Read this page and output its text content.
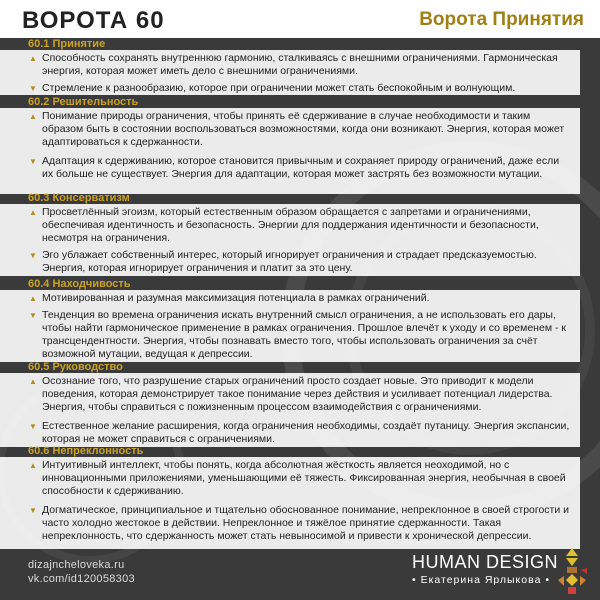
ВОРОТА 60	Ворота Принятия
60.1 Принятие
▲ Способность сохранять внутреннюю гармонию, сталкиваясь с внешними ограничениями. Гармоническая энергия, которая может иметь дело с внешними ограничениями.
▼ Стремление к разнообразию, которое при ограничении может стать беспокойным и волнующим.
60.2 Решительность
▲ Понимание природы ограничения, чтобы принять её сдерживание в случае необходимости и таким образом быть в состоянии воспользоваться возможностями, когда они возникают. Энергия, которая может адаптироваться к сдержанности.
▼ Адаптация к сдерживанию, которое становится привычным и сохраняет природу ограничений, даже если их больше не существует. Энергия для адаптации, которая может застрять без возможности мутации.
60.3 Консерватизм
▲ Просветлённый эгоизм, который естественным образом обращается с запретами и ограничениями, обеспечивая идентичность и безопасность. Энергии для поддержания идентичности и безопасности, несмотря на ограничения.
▼ Эго ублажает собственный интерес, который игнорирует ограничения и страдает предсказуемостью. Энергия, которая игнорирует ограничения и платит за это цену.
60.4 Находчивость
▲ Мотивированная и разумная максимизация потенциала в рамках ограничений.
▼ Тенденция во времена ограничения искать внутренний смысл ограничения, а не использовать его дары, чтобы найти гармоническое применение в рамках ограничения. Прошлое влечёт к уходу и со временем - к трансцендентности. Энергия, чтобы познавать вместо того, чтобы использовать ограничения за счёт возможной мутации, ведущая к депрессии.
60.5 Руководство
▲ Осознание того, что разрушение старых ограничений просто создает новые. Это приводит к модели поведения, которая демонстрирует такое понимание через действия и усиливает потенциал лидерства. Энергия, чтобы справиться с пожизненным процессом взаимодействия с ограничениями.
▼ Естественное желание расширения, когда ограничения необходимы, создаёт путаницу. Энергия экспансии, которая не может справиться с ограничениями.
60.6 Непреклонность
▲ Интуитивный интеллект, чтобы понять, когда абсолютная жёсткость является неоходимой, но с инновационными приложениями, уменьшающими её тяжесть. Фиксированная энергия, необычная в своей способности к сдерживанию.
▼ Догматическое, принципиальное и тщательно обоснованное понимание, непреклонное в своей строгости и часто холодно жестокое в действии. Непреклонное и тяжёлое принятие сдержанности. Такая непреклонность, что сдержанность может стать невыносимой и привести к хронической депрессии.
dizajncheloveka.ru
vk.com/id120058303
HUMAN DESIGN
• Екатерина Ярлыкова •
